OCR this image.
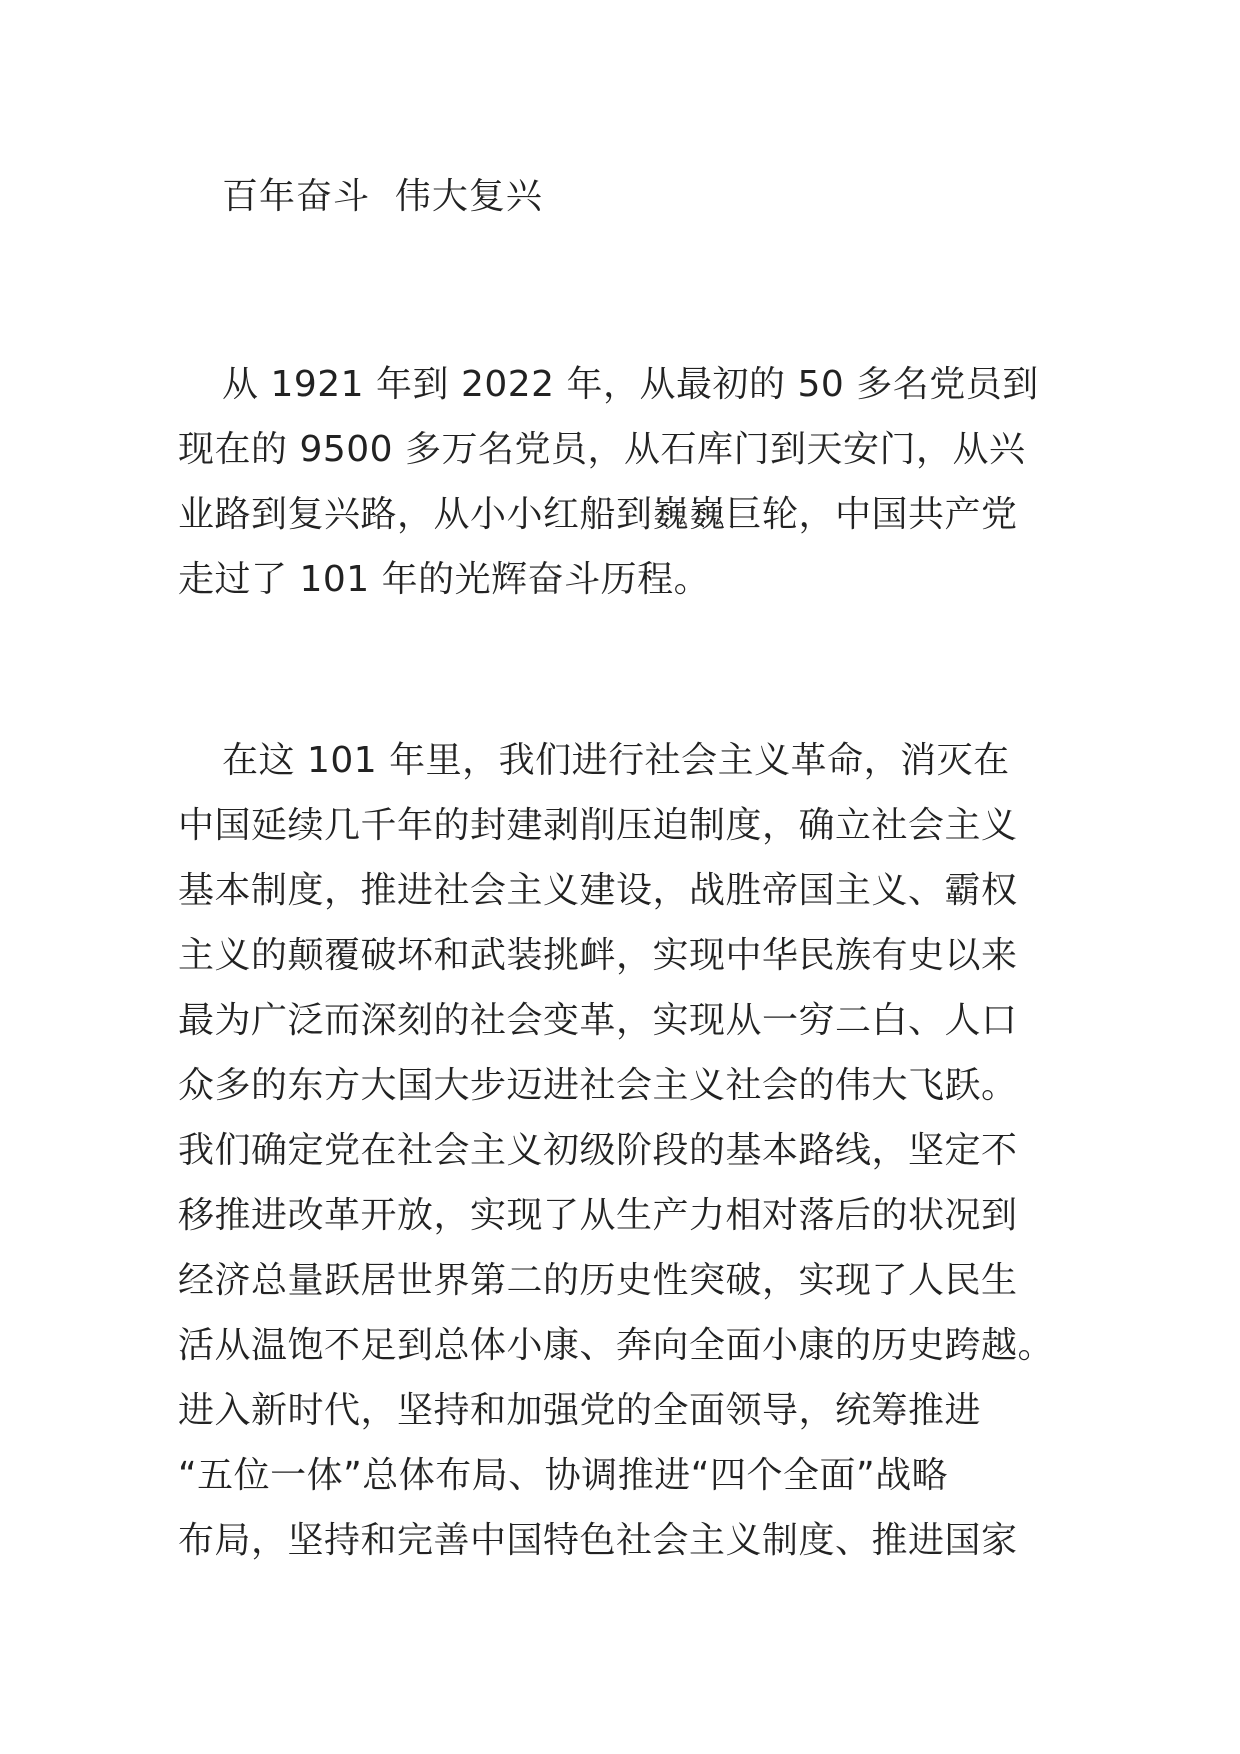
百年奋斗  伟大复兴
从 1921 年到 2022 年，从最初的 50 多名党员到
现在的 9500 多万名党员，从石库门到天安门，从兴
业路到复兴路，从小小红船到巍巍巨轮，中国共产党
走过了 101 年的光辉奋斗历程。
在这 101 年里，我们进行社会主义革命，消灭在
中国延续几千年的封建剥削压迫制度，确立社会主义
基本制度，推进社会主义建设，战胜帝国主义、霸权
主义的颠覆破坏和武装挑衅，实现中华民族有史以来
最为广泛而深刻的社会变革，实现从一穷二白、人口
众多的东方大国大步迈进社会主义社会的伟大飞跃。
我们确定党在社会主义初级阶段的基本路线，坚定不
移推进改革开放，实现了从生产力相对落后的状况到
经济总量跃居世界第二的历史性突破，实现了人民生
活从温饱不足到总体小康、奔向全面小康的历史跨越。
进入新时代，坚持和加强党的全面领导，统筹推进
“五位一体”总体布局、协调推进“四个全面”战略
布局，坚持和完善中国特色社会主义制度、推进国家
